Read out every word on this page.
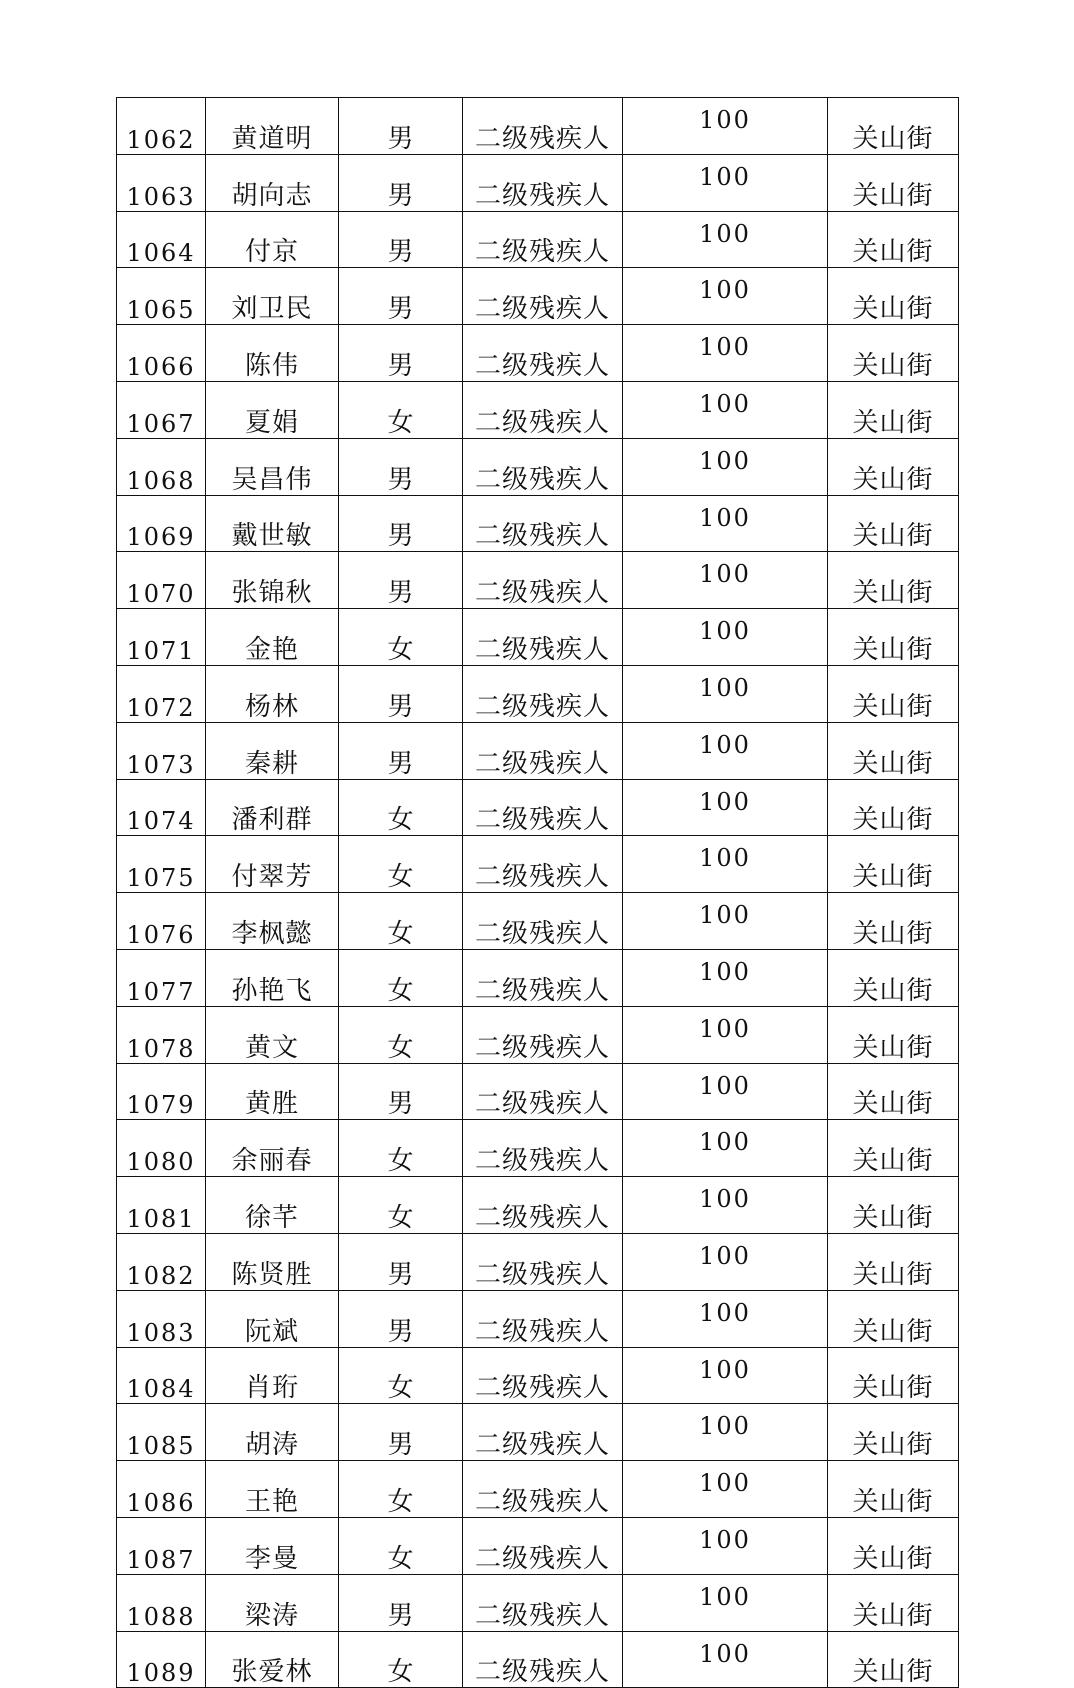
1062	黄道明	男	二级残疾人	100	关山街
1063	胡向志	男	二级残疾人	100	关山街
1064	付京	男	二级残疾人	100	关山街
1065	刘卫民	男	二级残疾人	100	关山街
1066	陈伟	男	二级残疾人	100	关山街
1067	夏娟	女	二级残疾人	100	关山街
1068	吴昌伟	男	二级残疾人	100	关山街
1069	戴世敏	男	二级残疾人	100	关山街
1070	张锦秋	男	二级残疾人	100	关山街
1071	金艳	女	二级残疾人	100	关山街
1072	杨林	男	二级残疾人	100	关山街
1073	秦耕	男	二级残疾人	100	关山街
1074	潘利群	女	二级残疾人	100	关山街
1075	付翠芳	女	二级残疾人	100	关山街
1076	李枫懿	女	二级残疾人	100	关山街
1077	孙艳飞	女	二级残疾人	100	关山街
1078	黄文	女	二级残疾人	100	关山街
1079	黄胜	男	二级残疾人	100	关山街
1080	余丽春	女	二级残疾人	100	关山街
1081	徐芊	女	二级残疾人	100	关山街
1082	陈贤胜	男	二级残疾人	100	关山街
1083	阮斌	男	二级残疾人	100	关山街
1084	肖珩	女	二级残疾人	100	关山街
1085	胡涛	男	二级残疾人	100	关山街
1086	王艳	女	二级残疾人	100	关山街
1087	李曼	女	二级残疾人	100	关山街
1088	梁涛	男	二级残疾人	100	关山街
1089	张爱林	女	二级残疾人	100	关山街
